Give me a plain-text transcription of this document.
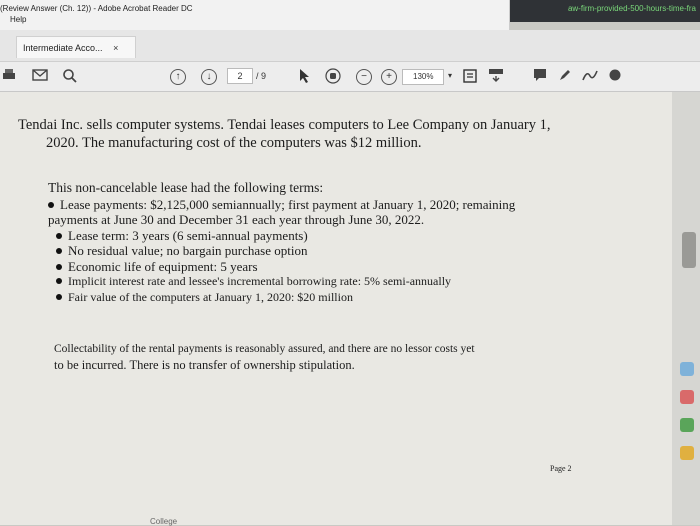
aw-firm-provided-500-hours-time-fra
(Review Answer (Ch. 12)) - Adobe Acrobat Reader DC
Help
Intermediate Acco... ×
↑	↓	2	/ 9	−	+	130%	▾
Tendai Inc. sells computer systems. Tendai leases computers to Lee Company on January 1,
2020. The manufacturing cost of the computers was $12 million.
This non-cancelable lease had the following terms:
Lease payments: $2,125,000 semiannually; first payment at January 1, 2020; remaining
payments at June 30 and December 31 each year through June 30, 2022.
Lease term: 3 years (6 semi-annual payments)
No residual value; no bargain purchase option
Economic life of equipment: 5 years
Implicit interest rate and lessee's incremental borrowing rate: 5% semi-annually
Fair value of the computers at January 1, 2020: $20 million
Collectability of the rental payments is reasonably assured, and there are no lessor costs yet
to be incurred. There is no transfer of ownership stipulation.
Page 2
College
